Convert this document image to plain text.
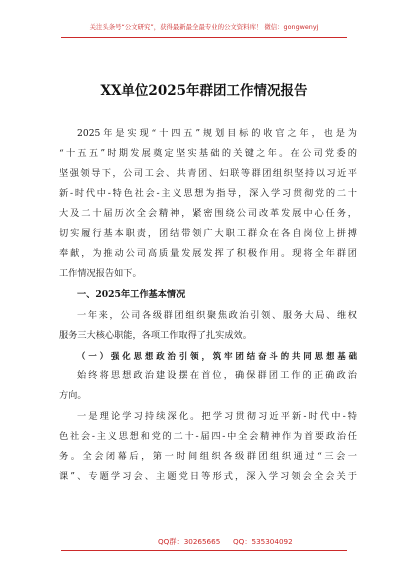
关注头条号“公文研究”，获得最新最全最专业的公文资料库！ 微信：gongwenyj
XX单位2025年群团工作情况报告
2025年是实现“十四五”规划目标的收官之年，也是为
“十五五”时期发展奠定坚实基础的关键之年。在公司党委的
坚强领导下，公司工会、共青团、妇联等群团组织坚持以习近平
新-时代中-特色社会-主义思想为指导，深入学习贯彻党的二十
大及二十届历次全会精神，紧密围绕公司改革发展中心任务，
切实履行基本职责，团结带领广大职工群众在各自岗位上拼搏
奉献，为推动公司高质量发展发挥了积极作用。现将全年群团
工作情况报告如下。
一、2025年工作基本情况
一年来，公司各级群团组织聚焦政治引领、服务大局、维权
服务三大核心职能，各项工作取得了扎实成效。
（一）强化思想政治引领，筑牢团结奋斗的共同思想基础
始终将思想政治建设摆在首位，确保群团工作的正确政治
方向。
一是理论学习持续深化。把学习贯彻习近平新-时代中-特
色社会-主义思想和党的二十-届四-中全会精神作为首要政治任
务。全会闭幕后，第一时间组织各级群团组织通过“三会一
课”、专题学习会、主题党日等形式，深入学习领会全会关于
QQ群：30265665 QQ：535304092
